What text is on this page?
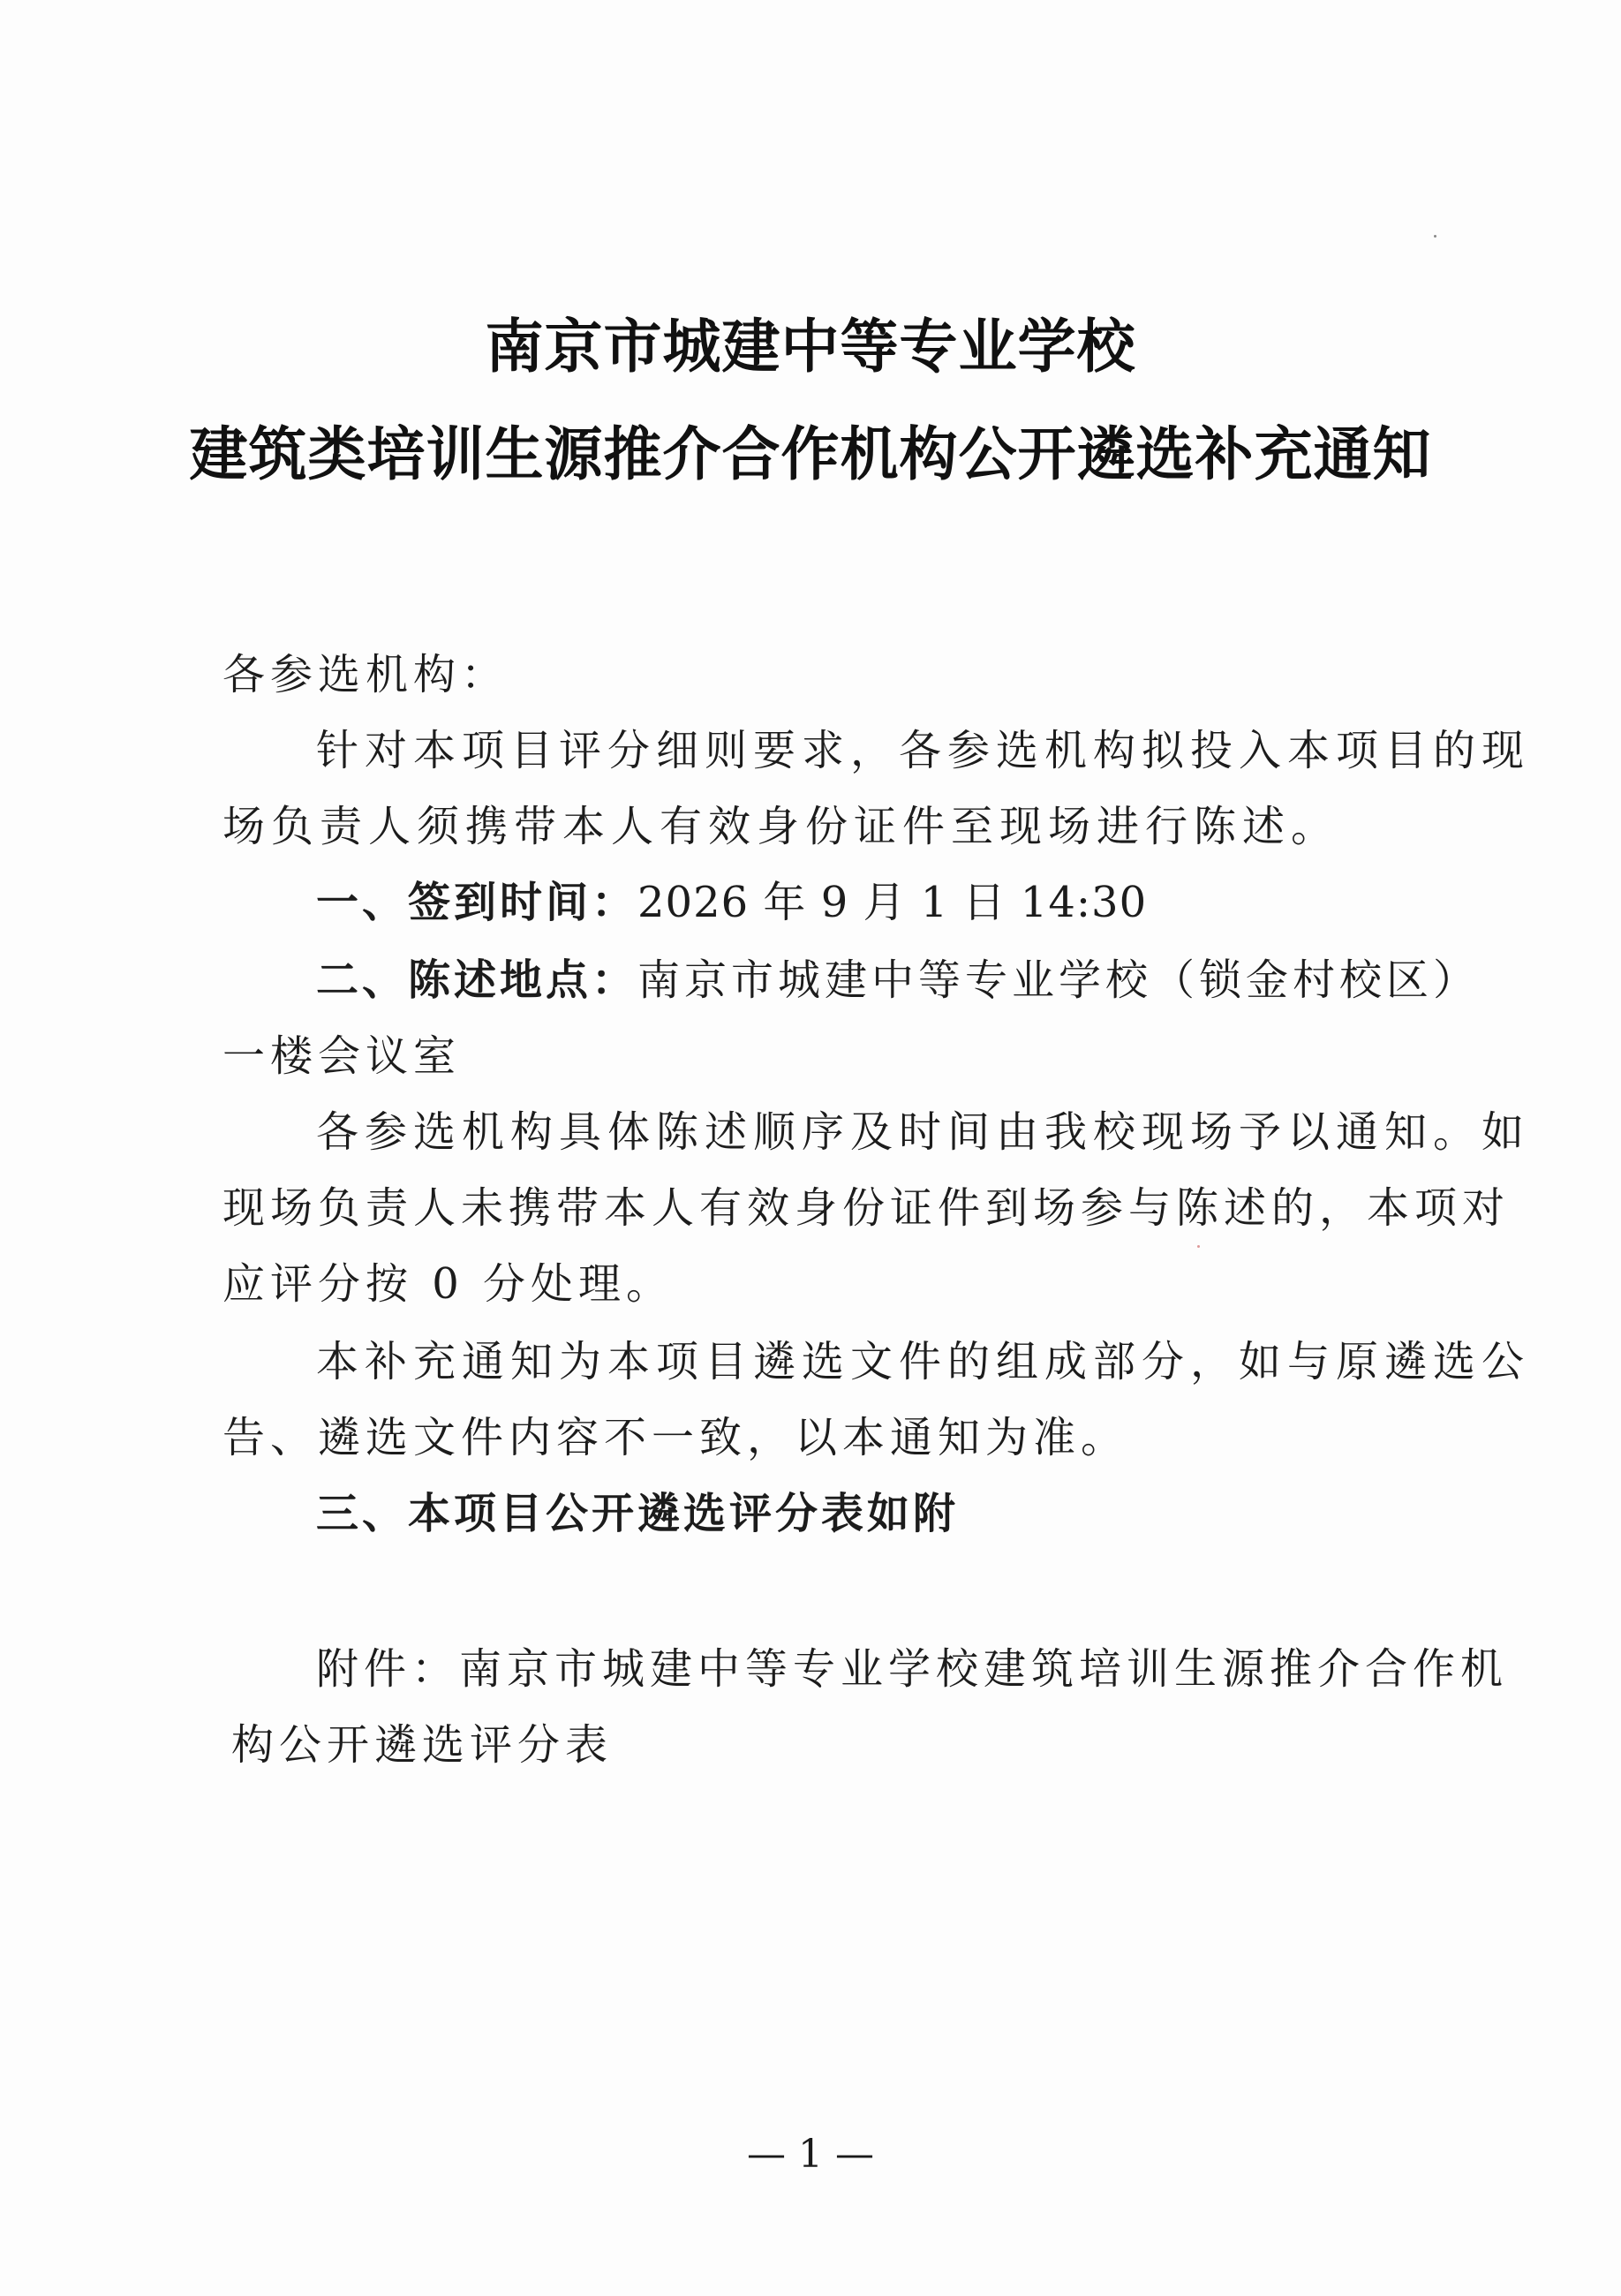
南京市城建中等专业学校
建筑类培训生源推介合作机构公开遴选补充通知
各参选机构：
针对本项目评分细则要求，各参选机构拟投入本项目的现
场负责人须携带本人有效身份证件至现场进行陈述。
一、签到时间：2026 年 9 月 1 日 14:30
二、陈述地点：南京市城建中等专业学校（锁金村校区）
一楼会议室
各参选机构具体陈述顺序及时间由我校现场予以通知。如
现场负责人未携带本人有效身份证件到场参与陈述的，本项对
应评分按 0 分处理。
本补充通知为本项目遴选文件的组成部分，如与原遴选公
告、遴选文件内容不一致，以本通知为准。
三、本项目公开遴选评分表如附
附件：南京市城建中等专业学校建筑培训生源推介合作机
构公开遴选评分表
— 1 —
